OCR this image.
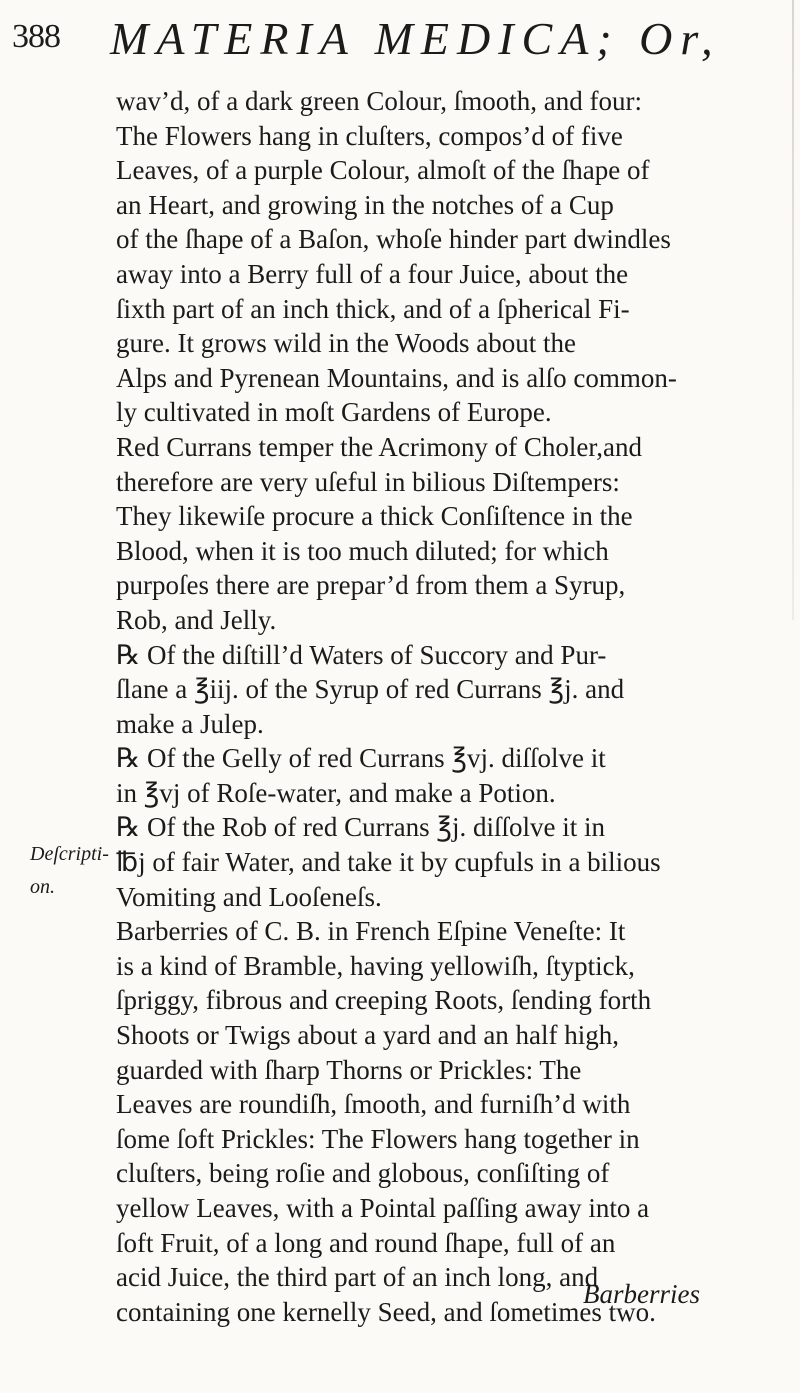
388 MATERIA MEDICA; Or,
wav’d, of a dark green Colour, ſmooth, and four:
The Flowers hang in cluſters, compos’d of five
Leaves, of a purple Colour, almoſt of the ſhape of
an Heart, and growing in the notches of a Cup
of the ſhape of a Baſon, whoſe hinder part dwindles
away into a Berry full of a four Juice, about the
ſixth part of an inch thick, and of a ſpherical Fi-
gure. It grows wild in the Woods about the
Alps and Pyrenean Mountains, and is alſo common-
ly cultivated in moſt Gardens of Europe.
Red Currans temper the Acrimony of Choler,and
therefore are very uſeful in bilious Diſtempers:
They likewiſe procure a thick Conſiſtence in the
Blood, when it is too much diluted; for which
purpoſes there are prepar’d from them a Syrup,
Rob, and Jelly.
℞ Of the diſtill’d Waters of Succory and Pur-
ſlane a ℥iij. of the Syrup of red Currans ℥j. and
make a Julep.
℞ Of the Gelly of red Currans ℥vj. diſſolve it
in ℥vj of Roſe-water, and make a Potion.
℞ Of the Rob of red Currans ℥j. diſſolve it in
℔j of fair Water, and take it by cupfuls in a bilious
Vomiting and Looſeneſs.
Barberries of C. B. in French Eſpine Veneſte: It
is a kind of Bramble, having yellowiſh, ſtyptick,
ſpriggy, fibrous and creeping Roots, ſending forth
Shoots or Twigs about a yard and an half high,
guarded with ſharp Thorns or Prickles: The
Leaves are roundiſh, ſmooth, and furniſh’d with
ſome ſoft Prickles: The Flowers hang together in
cluſters, being roſie and globous, conſiſting of
yellow Leaves, with a Pointal paſſing away into a
ſoft Fruit, of a long and round ſhape, full of an
acid Juice, the third part of an inch long, and
containing one kernelly Seed, and ſometimes two.
Deſcripti-
on.
Barberries
